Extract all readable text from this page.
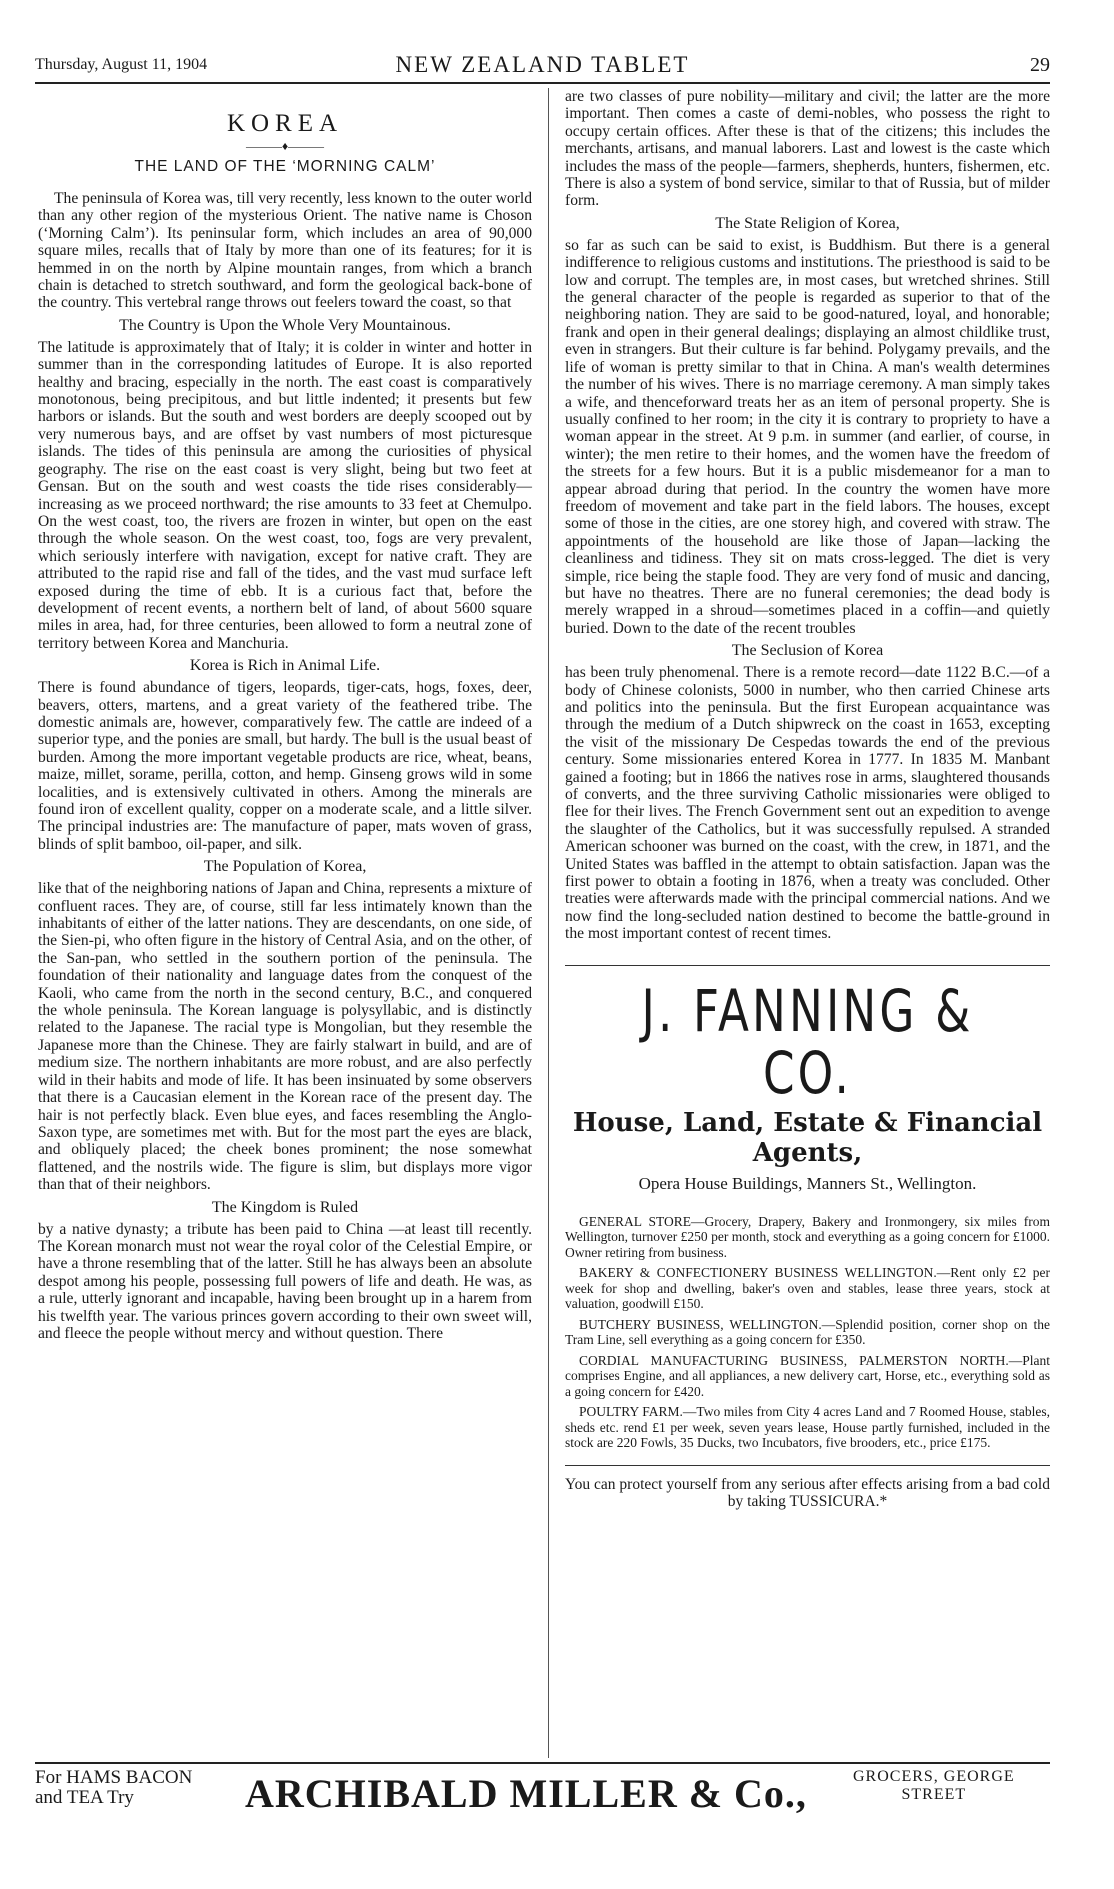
Thursday, August 11, 1904	NEW ZEALAND TABLET	29
KOREA
———♦———
THE LAND OF THE ‘MORNING CALM’

The peninsula of Korea was, till very recently, less known to the outer world than any other region of the mysterious Orient. The native name is Choson (‘Morning Calm’). Its peninsular form, which includes an area of 90,000 square miles, recalls that of Italy by more than one of its features; for it is hemmed in on the north by Alpine mountain ranges, from which a branch chain is detached to stretch southward, and form the geological back-bone of the country. This vertebral range throws out feelers toward the coast, so that

The Country is Upon the Whole Very Mountainous.

The latitude is approximately that of Italy; it is colder in winter and hotter in summer than in the corresponding latitudes of Europe. It is also reported healthy and bracing, especially in the north. The east coast is comparatively monotonous, being precipitous, and but little indented; it presents but few harbors or islands. But the south and west borders are deeply scooped out by very numerous bays, and are offset by vast numbers of most picturesque islands. The tides of this peninsula are among the curiosities of physical geography. The rise on the east coast is very slight, being but two feet at Gensan. But on the south and west coasts the tide rises considerably—increasing as we proceed northward; the rise amounts to 33 feet at Chemulpo. On the west coast, too, the rivers are frozen in winter, but open on the east through the whole season. On the west coast, too, fogs are very prevalent, which seriously interfere with navigation, except for native craft. They are attributed to the rapid rise and fall of the tides, and the vast mud surface left exposed during the time of ebb. It is a curious fact that, before the development of recent events, a northern belt of land, of about 5600 square miles in area, had, for three centuries, been allowed to form a neutral zone of territory between Korea and Manchuria.

Korea is Rich in Animal Life.

There is found abundance of tigers, leopards, tiger-cats, hogs, foxes, deer, beavers, otters, martens, and a great variety of the feathered tribe. The domestic animals are, however, comparatively few. The cattle are indeed of a superior type, and the ponies are small, but hardy. The bull is the usual beast of burden. Among the more important vegetable products are rice, wheat, beans, maize, millet, sorame, perilla, cotton, and hemp. Ginseng grows wild in some localities, and is extensively cultivated in others. Among the minerals are found iron of excellent quality, copper on a moderate scale, and a little silver. The principal industries are: The manufacture of paper, mats woven of grass, blinds of split bamboo, oil-paper, and silk.

The Population of Korea,

like that of the neighboring nations of Japan and China, represents a mixture of confluent races. They are, of course, still far less intimately known than the inhabitants of either of the latter nations. They are descendants, on one side, of the Sien-pi, who often figure in the history of Central Asia, and on the other, of the San-pan, who settled in the southern portion of the peninsula. The foundation of their nationality and language dates from the conquest of the Kaoli, who came from the north in the second century, B.C., and conquered the whole peninsula. The Korean language is polysyllabic, and is distinctly related to the Japanese. The racial type is Mongolian, but they resemble the Japanese more than the Chinese. They are fairly stalwart in build, and are of medium size. The northern inhabitants are more robust, and are also perfectly wild in their habits and mode of life. It has been insinuated by some observers that there is a Caucasian element in the Korean race of the present day. The hair is not perfectly black. Even blue eyes, and faces resembling the Anglo-Saxon type, are sometimes met with. But for the most part the eyes are black, and obliquely placed; the cheek bones prominent; the nose somewhat flattened, and the nostrils wide. The figure is slim, but displays more vigor than that of their neighbors.

The Kingdom is Ruled

by a native dynasty; a tribute has been paid to China —at least till recently. The Korean monarch must not wear the royal color of the Celestial Empire, or have a throne resembling that of the latter. Still he has always been an absolute despot among his people, possessing full powers of life and death. He was, as a rule, utterly ignorant and incapable, having been brought up in a harem from his twelfth year. The various princes govern according to their own sweet will, and fleece the people without mercy and without question. There

are two classes of pure nobility—military and civil; the latter are the more important. Then comes a caste of demi-nobles, who possess the right to occupy certain offices. After these is that of the citizens; this includes the merchants, artisans, and manual laborers. Last and lowest is the caste which includes the mass of the people—farmers, shepherds, hunters, fishermen, etc. There is also a system of bond service, similar to that of Russia, but of milder form.

The State Religion of Korea,

so far as such can be said to exist, is Buddhism. But there is a general indifference to religious customs and institutions. The priesthood is said to be low and corrupt. The temples are, in most cases, but wretched shrines. Still the general character of the people is regarded as superior to that of the neighboring nation. They are said to be good-natured, loyal, and honorable; frank and open in their general dealings; displaying an almost childlike trust, even in strangers. But their culture is far behind. Polygamy prevails, and the life of woman is pretty similar to that in China. A man's wealth determines the number of his wives. There is no marriage ceremony. A man simply takes a wife, and thenceforward treats her as an item of personal property. She is usually confined to her room; in the city it is contrary to propriety to have a woman appear in the street. At 9 p.m. in summer (and earlier, of course, in winter); the men retire to their homes, and the women have the freedom of the streets for a few hours. But it is a public misdemeanor for a man to appear abroad during that period. In the country the women have more freedom of movement and take part in the field labors. The houses, except some of those in the cities, are one storey high, and covered with straw. The appointments of the household are like those of Japan—lacking the cleanliness and tidiness. They sit on mats cross-legged. The diet is very simple, rice being the staple food. They are very fond of music and dancing, but have no theatres. There are no funeral ceremonies; the dead body is merely wrapped in a shroud—sometimes placed in a coffin—and quietly buried. Down to the date of the recent troubles

The Seclusion of Korea

has been truly phenomenal. There is a remote record—date 1122 B.C.—of a body of Chinese colonists, 5000 in number, who then carried Chinese arts and politics into the peninsula. But the first European acquaintance was through the medium of a Dutch shipwreck on the coast in 1653, excepting the visit of the missionary De Cespedas towards the end of the previous century. Some missionaries entered Korea in 1777. In 1835 M. Manbant gained a footing; but in 1866 the natives rose in arms, slaughtered thousands of converts, and the three surviving Catholic missionaries were obliged to flee for their lives. The French Government sent out an expedition to avenge the slaughter of the Catholics, but it was successfully repulsed. A stranded American schooner was burned on the coast, with the crew, in 1871, and the United States was baffled in the attempt to obtain satisfaction. Japan was the first power to obtain a footing in 1876, when a treaty was concluded. Other treaties were afterwards made with the principal commercial nations. And we now find the long-secluded nation destined to become the battle-ground in the most important contest of recent times.

J. FANNING & CO.
House, Land, Estate & Financial Agents,
Opera House Buildings, Manners St., Wellington.

GENERAL STORE—Grocery, Drapery, Bakery and Ironmongery, six miles from Wellington, turnover £250 per month, stock and everything as a going concern for £1000. Owner retiring from business.

BAKERY & CONFECTIONERY BUSINESS WELLINGTON.—Rent only £2 per week for shop and dwelling, baker's oven and stables, lease three years, stock at valuation, goodwill £150.

BUTCHERY BUSINESS, WELLINGTON.—Splendid position, corner shop on the Tram Line, sell everything as a going concern for £350.

CORDIAL MANUFACTURING BUSINESS, PALMERSTON NORTH.—Plant comprises Engine, and all appliances, a new delivery cart, Horse, etc., everything sold as a going concern for £420.

POULTRY FARM.—Two miles from City 4 acres Land and 7 Roomed House, stables, sheds etc. rend £1 per week, seven years lease, House partly furnished, included in the stock are 220 Fowls, 35 Ducks, two Incubators, five brooders, etc., price £175.

You can protect yourself from any serious after effects arising from a bad cold by taking TUSSICURA.*
For HAMS BACON
and TEA Try	ARCHIBALD MILLER & Co.,	GROCERS, GEORGE
STREET
